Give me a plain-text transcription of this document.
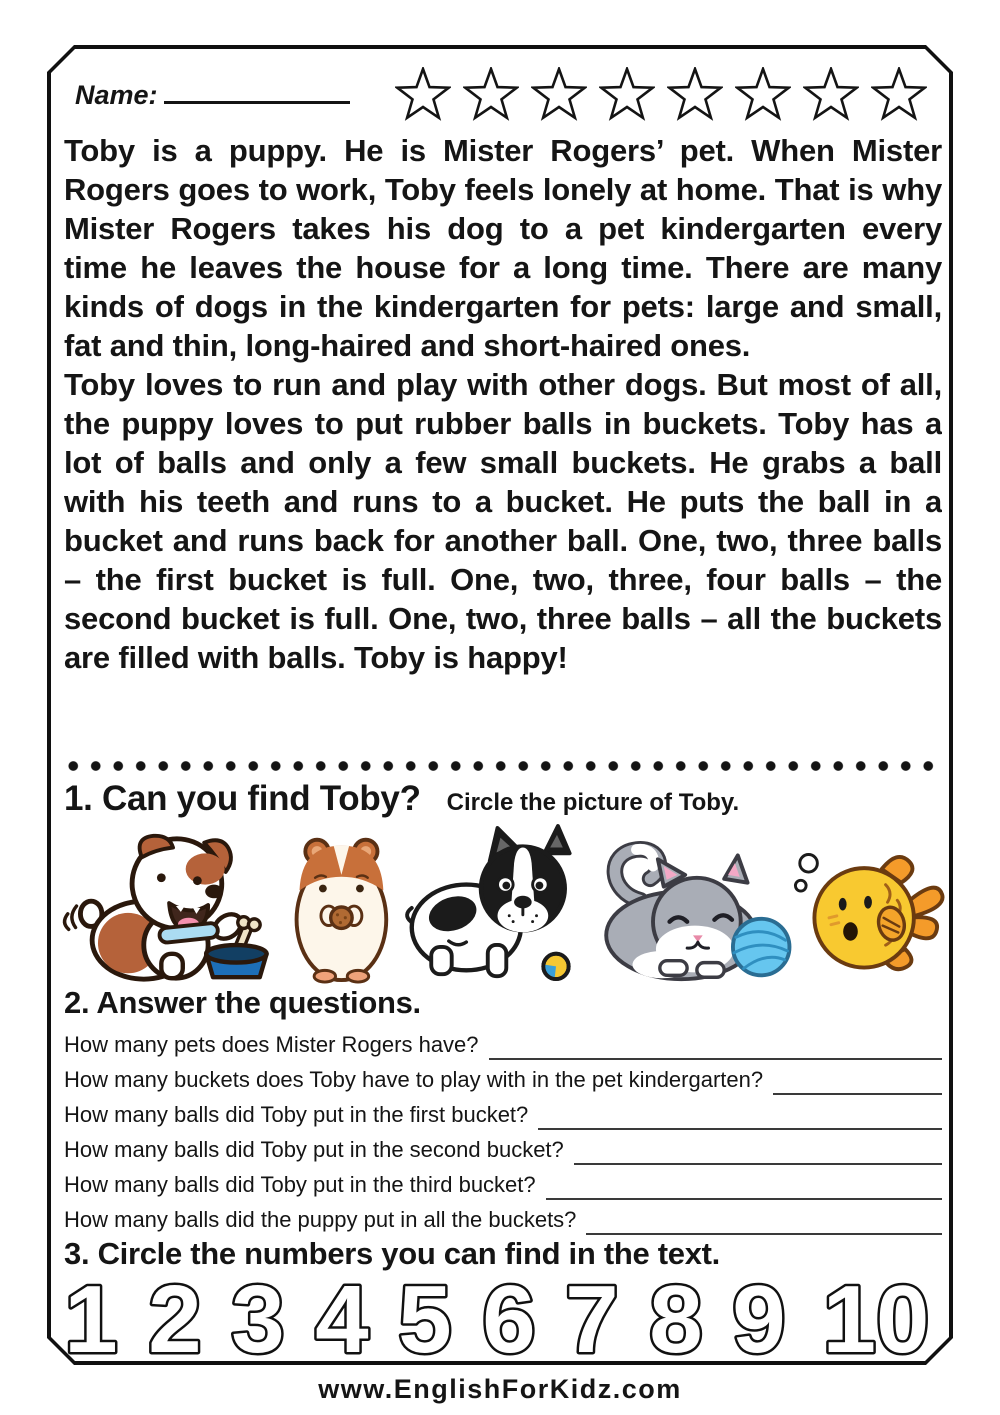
Name:

Toby is a puppy. He is Mister Rogers’ pet. When Mister Rogers goes to work, Toby feels lonely at home. That is why Mister Rogers takes his dog to a pet kindergarten every time he leaves the house for a long time. There are many kinds of dogs in the kindergarten for pets: large and small, fat and thin, long-haired and short-haired ones.

Toby loves to run and play with other dogs. But most of all, the puppy loves to put rubber balls in buckets. Toby has a lot of balls and only a few small buckets. He grabs a ball with his teeth and runs to a bucket. He puts the ball in a bucket and runs back for another ball. One, two, three balls – the first bucket is full. One, two, three, four balls – the second bucket is full. One, two, three balls – all the buckets are filled with balls. Toby is happy!

1. Can you find Toby? Circle the picture of Toby.
2. Answer the questions.
How many pets does Mister Rogers have?
How many buckets does Toby have to play with in the pet kindergarten?
How many balls did Toby put in the first bucket?
How many balls did Toby put in the second bucket?
How many balls did Toby put in the third bucket?
How many balls did the puppy put in all the buckets?
3. Circle the numbers you can find in the text.
1 2 3 4 5 6 7 8 9 10
www.EnglishForKidz.com
